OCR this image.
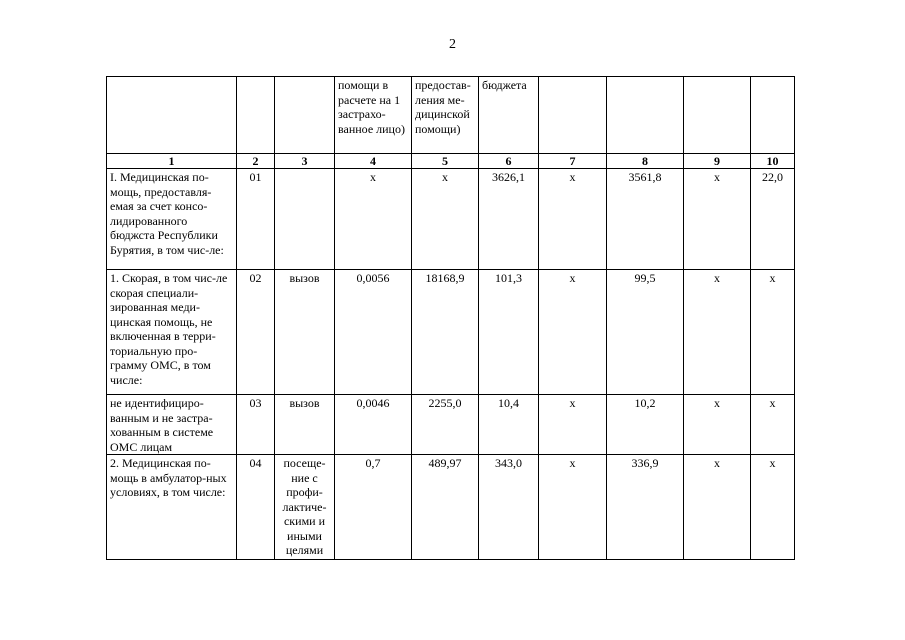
2
			помощи в расчете на 1 застрахо-ванное лицо)	предостав-ления ме-дицинской помощи)	бюджета				
1	2	3	4	5	6	7	8	9	10
I. Медицинская по-мощь, предоставля-емая за счет консо-лидированного бюджста Республики Бурятия, в том чис-ле:	01		x	x	3626,1	x	3561,8	x	22,0
1. Скорая, в том чис-ле скорая специали-зированная меди-цинская помощь, не включенная в терри-ториальную про-грамму ОМС, в том числе:	02	вызов	0,0056	18168,9	101,3	x	99,5	x	x
не идентифициро-ванным и не застра-хованным в системе ОМС лицам	03	вызов	0,0046	2255,0	10,4	x	10,2	x	x
2. Медицинская по-мощь в амбулатор-ных условиях, в том числе:	04	посеще-ние с профи-лактиче-скими и иными целями	0,7	489,97	343,0	x	336,9	x	x
